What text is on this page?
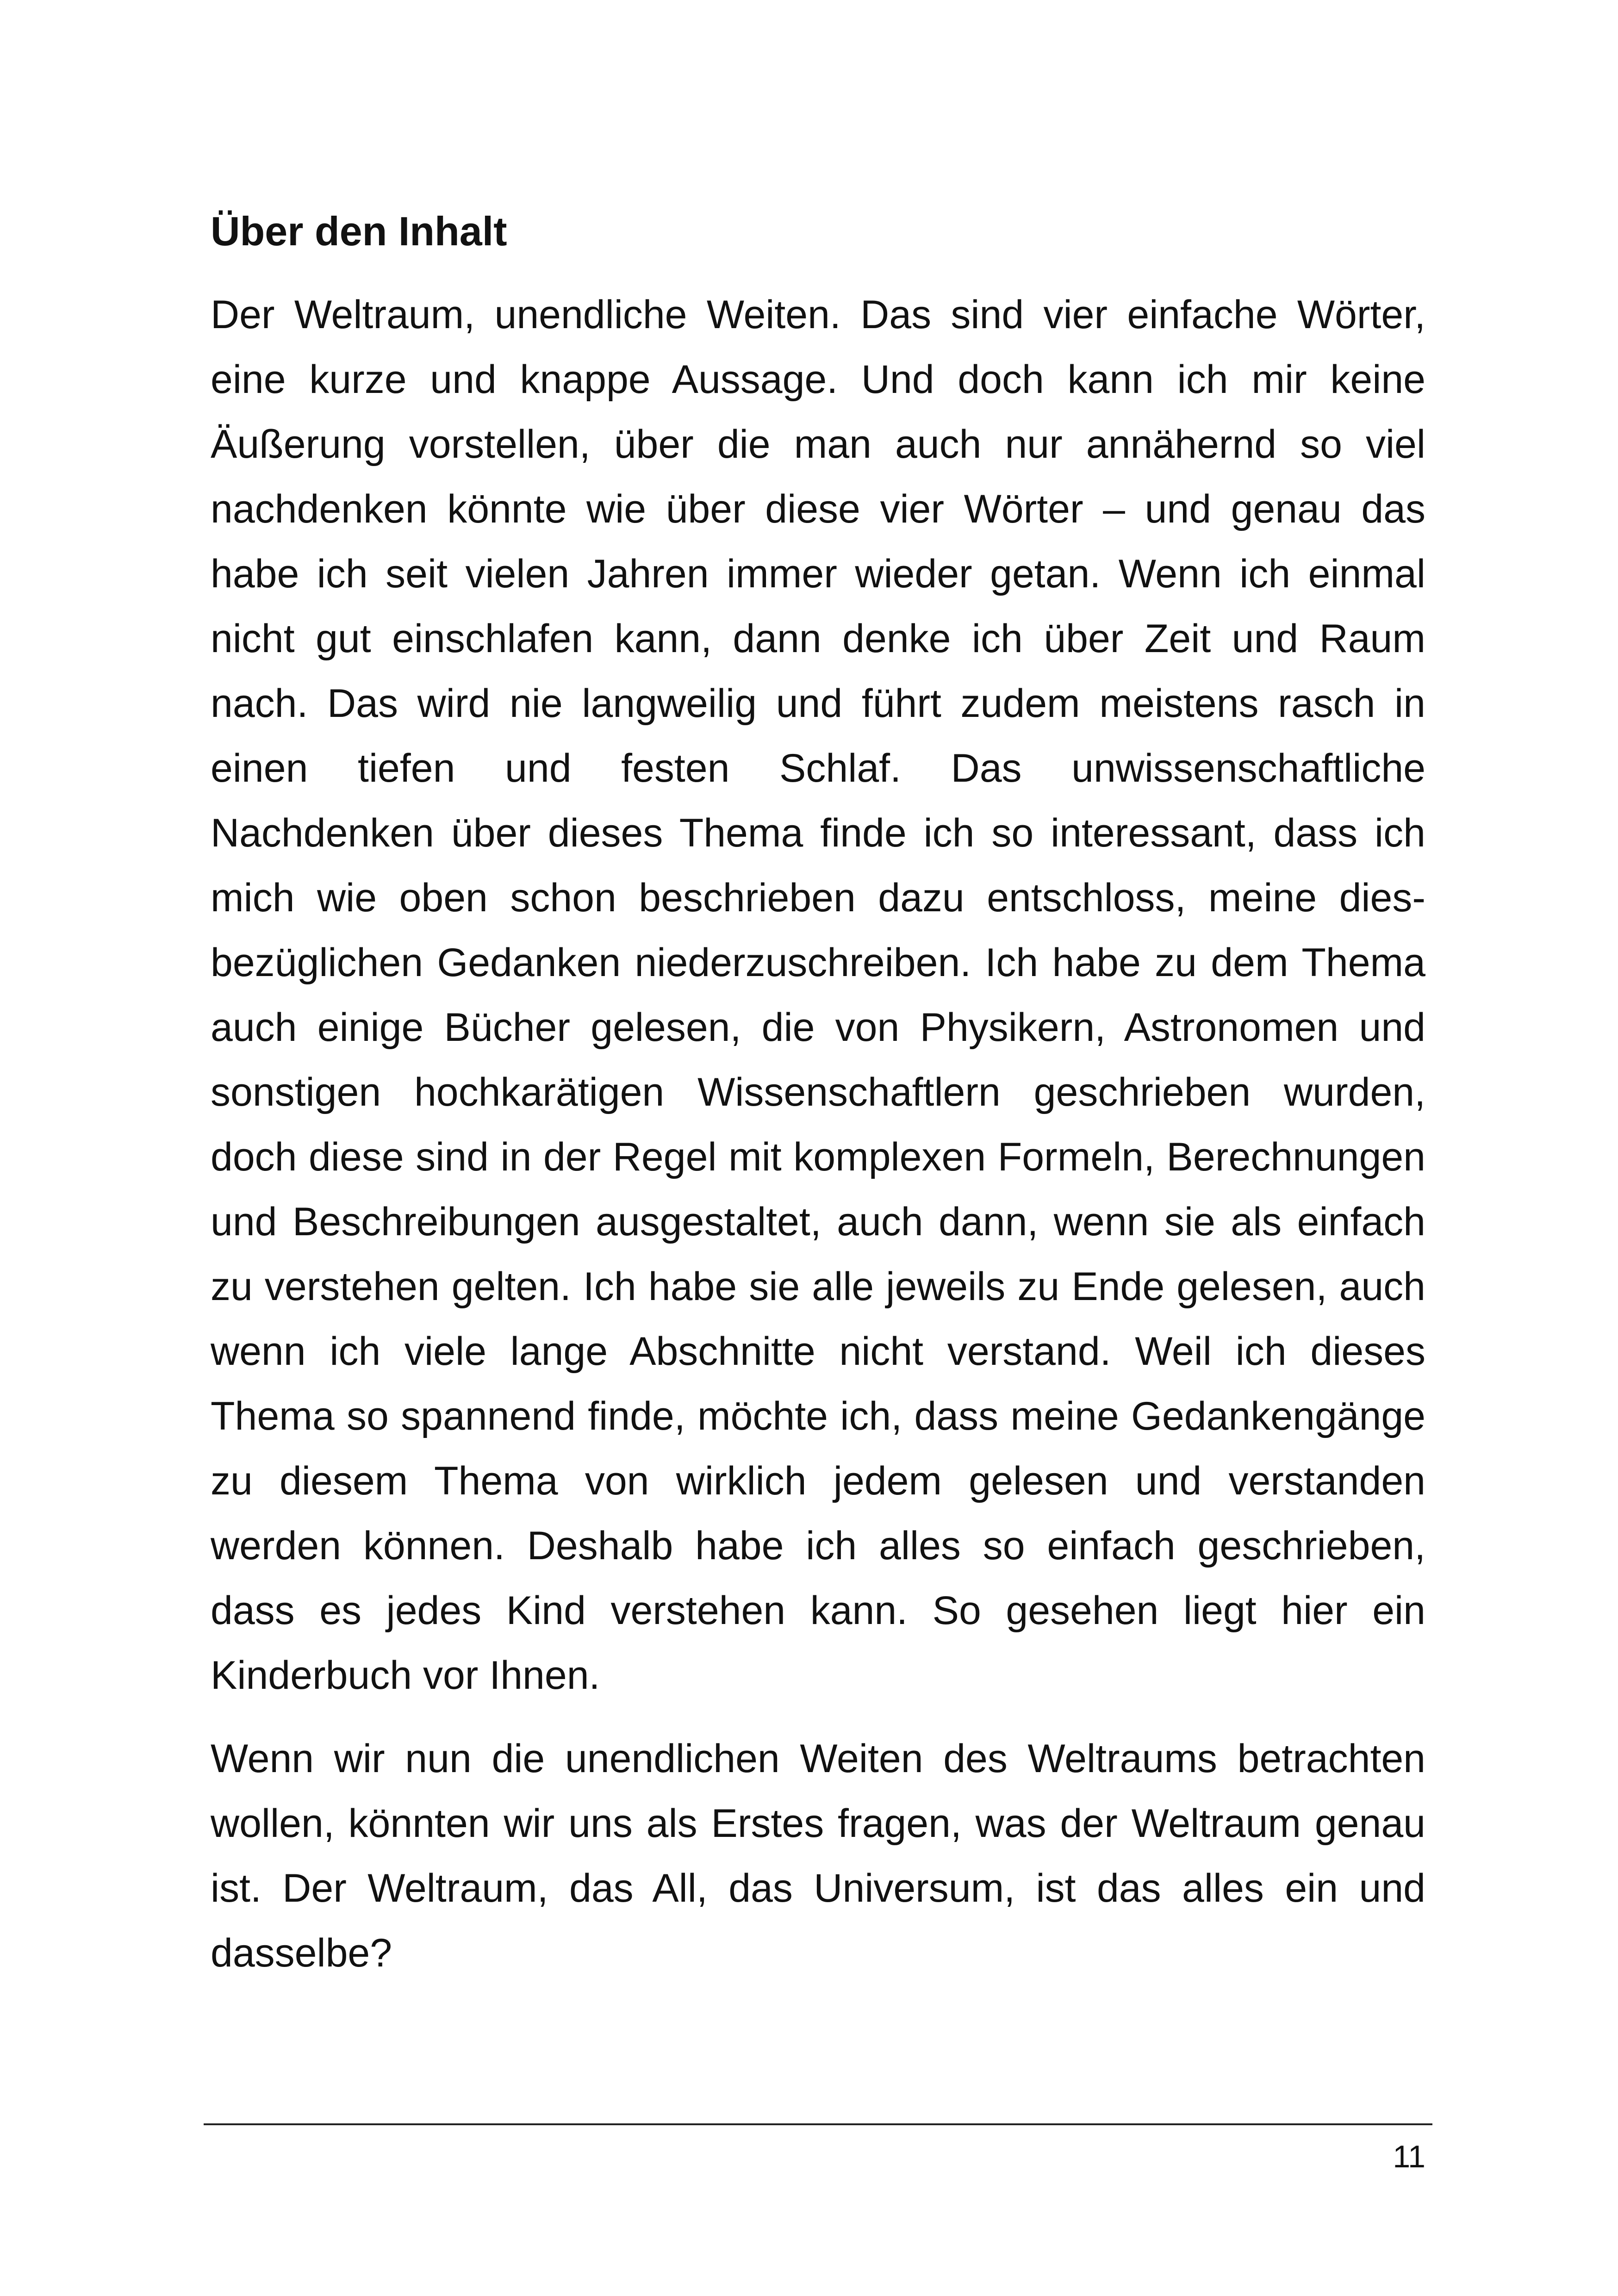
Über den Inhalt

Der Weltraum, unendliche Weiten. Das sind vier einfache Wörter, eine kurze und knappe Aussage. Und doch kann ich mir keine Äußerung vorstellen, über die man auch nur annähernd so viel nachdenken könnte wie über diese vier Wörter – und genau das habe ich seit vielen Jahren immer wieder getan. Wenn ich einmal nicht gut einschlafen kann, dann denke ich über Zeit und Raum nach. Das wird nie langweilig und führt zudem meistens rasch in einen tiefen und festen Schlaf. Das unwissenschaftliche Nachdenken über dieses Thema finde ich so interessant, dass ich mich wie oben schon beschrieben dazu entschloss, meine diesbezüglichen Gedanken niederzuschreiben. Ich habe zu dem Thema auch einige Bücher gelesen, die von Physikern, Astronomen und sonstigen hochkarätigen Wissenschaftlern geschrieben wurden, doch diese sind in der Regel mit komplexen Formeln, Berechnungen und Beschreibungen ausgestaltet, auch dann, wenn sie als einfach zu verstehen gelten. Ich habe sie alle jeweils zu Ende gelesen, auch wenn ich viele lange Abschnitte nicht verstand. Weil ich dieses Thema so spannend finde, möchte ich, dass meine Gedankengänge zu diesem Thema von wirklich jedem gelesen und verstanden werden können. Deshalb habe ich alles so einfach geschrieben, dass es jedes Kind verstehen kann. So gesehen liegt hier ein Kinderbuch vor Ihnen.

Wenn wir nun die unendlichen Weiten des Weltraums betrachten wollen, könnten wir uns als Erstes fragen, was der Weltraum genau ist. Der Weltraum, das All, das Universum, ist das alles ein und dasselbe?

11
